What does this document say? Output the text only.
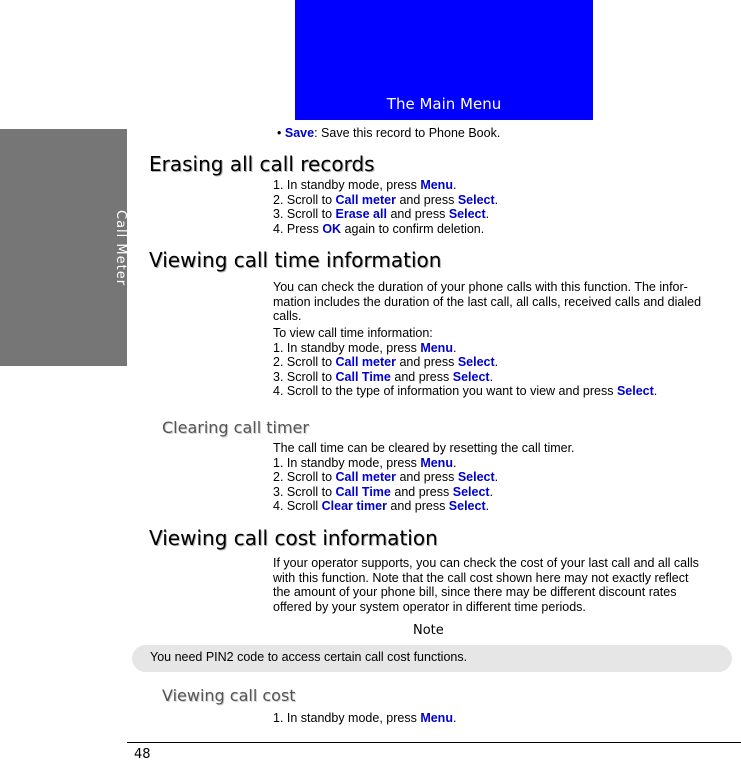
Call Meter
The Main Menu
• Save: Save this record to Phone Book.
Erasing all call records
1. In standby mode, press Menu.
2. Scroll to Call meter and press Select.
3. Scroll to Erase all and press Select.
4. Press OK again to confirm deletion.
Viewing call time information
You can check the duration of your phone calls with this function. The infor-
mation includes the duration of the last call, all calls, received calls and dialed
calls.
To view call time information:
1. In standby mode, press Menu.
2. Scroll to Call meter and press Select.
3. Scroll to Call Time and press Select.
4. Scroll to the type of information you want to view and press Select.
Clearing call timer
The call time can be cleared by resetting the call timer.
1. In standby mode, press Menu.
2. Scroll to Call meter and press Select.
3. Scroll to Call Time and press Select.
4. Scroll Clear timer and press Select.
Viewing call cost information
If your operator supports, you can check the cost of your last call and all calls
with this function. Note that the call cost shown here may not exactly reflect
the amount of your phone bill, since there may be different discount rates
offered by your system operator in different time periods.
Note
You need PIN2 code to access certain call cost functions.
Viewing call cost
1. In standby mode, press Menu.
48
